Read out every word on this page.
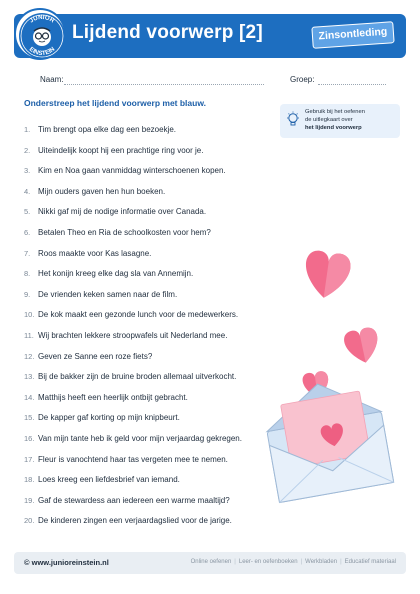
JUNIOR
EINSTEIN
Lijdend voorwerp [2]	Zinsontleding
Naam:	Groep:
Onderstreep het lijdend voorwerp met blauw.
Gebruik bij het oefenen
de uitlegkaart over
het lijdend voorwerp
1. Tim brengt opa elke dag een bezoekje.
2. Uiteindelijk koopt hij een prachtige ring voor je.
3. Kim en Noa gaan vanmiddag winterschoenen kopen.
4. Mijn ouders gaven hen hun boeken.
5. Nikki gaf mij de nodige informatie over Canada.
6. Betalen Theo en Ria de schoolkosten voor hem?
7. Roos maakte voor Kas lasagne.
8. Het konijn kreeg elke dag sla van Annemijn.
9. De vrienden keken samen naar de film.
10. De kok maakt een gezonde lunch voor de medewerkers.
11. Wij brachten lekkere stroopwafels uit Nederland mee.
12. Geven ze Sanne een roze fiets?
13. Bij de bakker zijn de bruine broden allemaal uitverkocht.
14. Matthijs heeft een heerlijk ontbijt gebracht.
15. De kapper gaf korting op mijn knipbeurt.
16. Van mijn tante heb ik geld voor mijn verjaardag gekregen.
17. Fleur is vanochtend haar tas vergeten mee te nemen.
18. Loes kreeg een liefdesbrief van iemand.
19. Gaf de stewardess aan iedereen een warme maaltijd?
20. De kinderen zingen een verjaardagslied voor de jarige.
© www.junioreinstein.nl	Online oefenen | Leer- en oefenboeken | Werkbladen | Educatief materiaal
